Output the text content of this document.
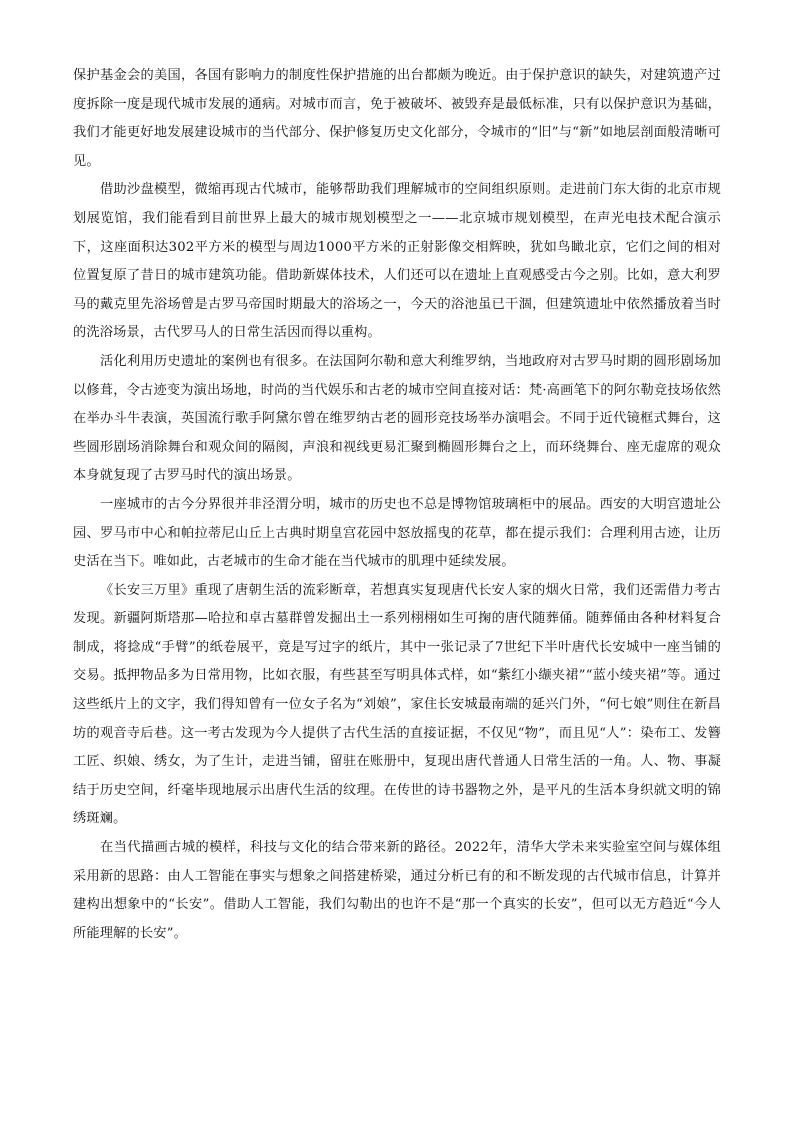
保护基金会的美国，各国有影响力的制度性保护措施的出台都颇为晚近。由于保护意识的缺失，对建筑遗产过度拆除一度是现代城市发展的通病。对城市而言，免于被破坏、被毁弃是最低标准，只有以保护意识为基础，我们才能更好地发展建设城市的当代部分、保护修复历史文化部分，令城市的“旧”与“新”如地层剖面般清晰可见。

借助沙盘模型，微缩再现古代城市，能够帮助我们理解城市的空间组织原则。走进前门东大街的北京市规划展览馆，我们能看到目前世界上最大的城市规划模型之一——北京城市规划模型，在声光电技术配合演示下，这座面积达302平方米的模型与周边1000平方米的正射影像交相辉映，犹如鸟瞰北京，它们之间的相对位置复原了昔日的城市建筑功能。借助新媒体技术，人们还可以在遗址上直观感受古今之别。比如，意大利罗马的戴克里先浴场曾是古罗马帝国时期最大的浴场之一，今天的浴池虽已干涸，但建筑遗址中依然播放着当时的洗浴场景，古代罗马人的日常生活因而得以重构。

活化利用历史遗址的案例也有很多。在法国阿尔勒和意大利维罗纳，当地政府对古罗马时期的圆形剧场加以修葺，令古迹变为演出场地，时尚的当代娱乐和古老的城市空间直接对话：梵·高画笔下的阿尔勒竞技场依然在举办斗牛表演，英国流行歌手阿黛尔曾在维罗纳古老的圆形竞技场举办演唱会。不同于近代镜框式舞台，这些圆形剧场消除舞台和观众间的隔阂，声浪和视线更易汇聚到椭圆形舞台之上，而环绕舞台、座无虚席的观众本身就复现了古罗马时代的演出场景。

一座城市的古今分界很并非泾渭分明，城市的历史也不总是博物馆玻璃柜中的展品。西安的大明宫遗址公园、罗马市中心和帕拉蒂尼山丘上古典时期皇宫花园中怒放摇曳的花草，都在提示我们：合理利用古迹，让历史活在当下。唯如此，古老城市的生命才能在当代城市的肌理中延续发展。

《长安三万里》重现了唐朝生活的流彩断章，若想真实复现唐代长安人家的烟火日常，我们还需借力考古发现。新疆阿斯塔那—哈拉和卓古墓群曾发掘出土一系列栩栩如生可掬的唐代随葬俑。随葬俑由各种材料复合制成，将捻成“手臂”的纸卷展平，竟是写过字的纸片，其中一张记录了7世纪下半叶唐代长安城中一座当铺的交易。抵押物品多为日常用物，比如衣服，有些甚至写明具体式样，如“紫红小缬夹裙”“蓝小绫夹裙”等。通过这些纸片上的文字，我们得知曾有一位女子名为“刘娘”，家住长安城最南端的延兴门外，“何七娘”则住在新昌坊的观音寺后巷。这一考古发现为今人提供了古代生活的直接证据，不仅见“物”，而且见“人”：染布工、发簪工匠、织娘、绣女，为了生计，走进当铺，留驻在账册中，复现出唐代普通人日常生活的一角。人、物、事凝结于历史空间，纤毫毕现地展示出唐代生活的纹理。在传世的诗书器物之外，是平凡的生活本身织就文明的锦绣斑斓。

在当代描画古城的模样，科技与文化的结合带来新的路径。2022年，清华大学未来实验室空间与媒体组采用新的思路：由人工智能在事实与想象之间搭建桥梁，通过分析已有的和不断发现的古代城市信息，计算并建构出想象中的“长安”。借助人工智能，我们勾勒出的也许不是“那一个真实的长安”，但可以无方趋近“今人所能理解的长安”。
